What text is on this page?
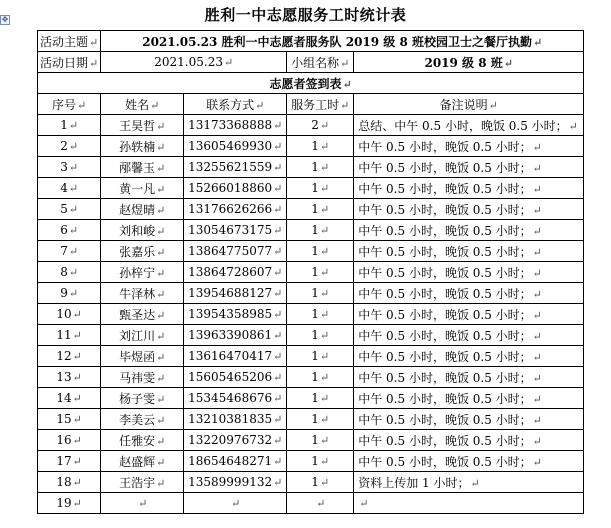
✥	胜利一中志愿服务工时统计表
活动主题↵	2021.05.23 胜利一中志愿者服务队 2019 级 8 班校园卫士之餐厅执勤↵			
活动日期↵	2021.05.23↵		小组名称↵	2019 级 8 班↵
志愿者签到表↵				
序号↵	姓名↵	联系方式↵	服务工时↵	备注说明↵
1↵	王昊哲↵	13173368888↵	2↵	总结、中午 0.5 小时，晚饭 0.5 小时；↵
2↵	孙轶楠↵	13605469930↵	1↵	中午 0.5 小时，晚饭 0.5 小时；↵
3↵	邴馨玉↵	13255621559↵	1↵	中午 0.5 小时，晚饭 0.5 小时；↵
4↵	黄一凡↵	15266018860↵	1↵	中午 0.5 小时，晚饭 0.5 小时；↵
5↵	赵煜晴↵	13176626266↵	1↵	中午 0.5 小时，晚饭 0.5 小时；↵
6↵	刘和峻↵	13054673175↵	1↵	中午 0.5 小时，晚饭 0.5 小时；↵
7↵	张嘉乐↵	13864775077↵	1↵	中午 0.5 小时，晚饭 0.5 小时；↵
8↵	孙梓宁↵	13864728607↵	1↵	中午 0.5 小时，晚饭 0.5 小时；↵
9↵	牛泽林↵	13954688127↵	1↵	中午 0.5 小时，晚饭 0.5 小时；↵
10↵	甄圣达↵	13954358985↵	1↵	中午 0.5 小时，晚饭 0.5 小时；↵
11↵	刘江川↵	13963390861↵	1↵	中午 0.5 小时，晚饭 0.5 小时；↵
12↵	毕煜函↵	13616470417↵	1↵	中午 0.5 小时，晚饭 0.5 小时；↵
13↵	马祎雯↵	15605465206↵	1↵	中午 0.5 小时，晚饭 0.5 小时；↵
14↵	杨子雯↵	15345468676↵	1↵	中午 0.5 小时，晚饭 0.5 小时；↵
15↵	李美云↵	13210381835↵	1↵	中午 0.5 小时，晚饭 0.5 小时；↵
16↵	任雅安↵	13220976732↵	1↵	中午 0.5 小时，晚饭 0.5 小时；↵
17↵	赵盛辉↵	18654648271↵	1↵	中午 0.5 小时，晚饭 0.5 小时；↵
18↵	王浩宇↵	13589999132↵	1↵	资料上传加 1 小时；↵
19↵	↵	↵	↵	↵
